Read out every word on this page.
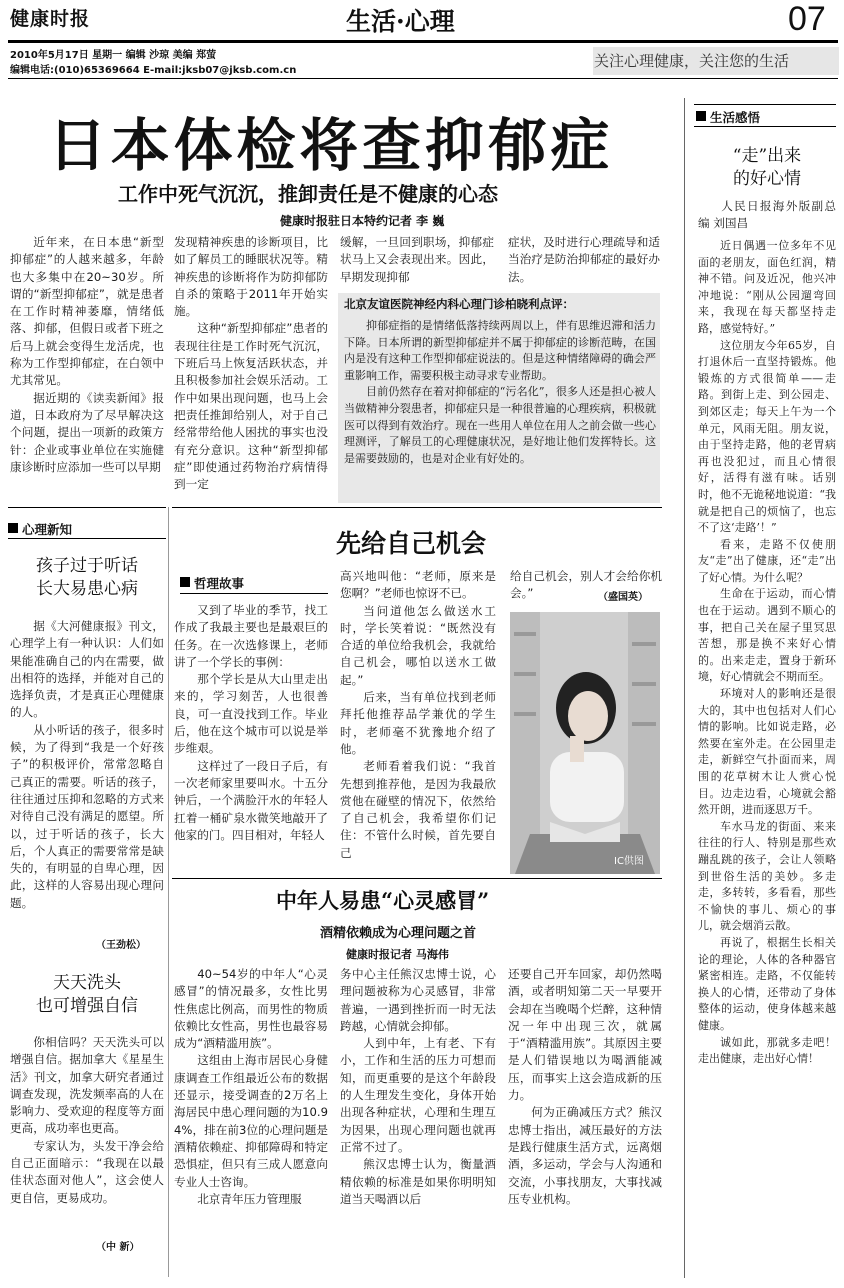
健康时报	生活·心理	07
2010年5月17日 星期一 编辑 沙琼 美编 郑萤
编辑电话:(010)65369664 E-mail:jksb07@jksb.com.cn
关注心理健康，关注您的生活
日本体检将查抑郁症
工作中死气沉沉，推卸责任是不健康的心态
健康时报驻日本特约记者 李 巍

近年来，在日本患“新型抑郁症”的人越来越多，年龄也大多集中在20~30岁。所谓的“新型抑郁症”，就是患者在工作时精神萎靡，情绪低落、抑郁，但假日或者下班之后马上就会变得生龙活虎，也称为工作型抑郁症，在白领中尤其常见。

据近期的《读卖新闻》报道，日本政府为了尽早解决这个问题，提出一项新的政策方针：企业或事业单位在实施健康诊断时应添加一些可以早期

发现精神疾患的诊断项目，比如了解员工的睡眠状况等。精神疾患的诊断将作为防抑郁防自杀的策略于2011年开始实施。

这种“新型抑郁症”患者的表现往往是工作时死气沉沉，下班后马上恢复活跃状态，并且积极参加社会娱乐活动。工作中如果出现问题，也马上会把责任推卸给别人，对于自己经常带给他人困扰的事实也没有充分意识。这种“新型抑郁症”即使通过药物治疗病情得到一定

缓解，一旦回到职场，抑郁症状马上又会表现出来。因此，早期发现抑郁

症状，及时进行心理疏导和适当治疗是防治抑郁症的最好办法。

北京友谊医院神经内科心理门诊柏晓利点评：

抑郁症指的是情绪低落持续两周以上，伴有思维迟滞和活力下降。日本所谓的新型抑郁症并不属于抑郁症的诊断范畴，在国内是没有这种工作型抑郁症说法的。但是这种情绪障碍的确会严重影响工作，需要积极主动寻求专业帮助。

目前仍然存在着对抑郁症的“污名化”，很多人还是担心被人当做精神分裂患者，抑郁症只是一种很普遍的心理疾病，积极就医可以得到有效治疗。现在一些用人单位在用人之前会做一些心理测评，了解员工的心理健康状况，是好地让他们发挥特长。这是需要鼓励的，也是对企业有好处的。

心理新知
孩子过于听话
长大易患心病

据《大河健康报》刊文，心理学上有一种认识：人们如果能准确自己的内在需要，做出相符的选择，并能对自己的选择负责，才是真正心理健康的人。

从小听话的孩子，很多时候，为了得到“我是一个好孩子”的积极评价，常常忽略自己真正的需要。听话的孩子，往往通过压抑和忽略的方式来对待自己没有满足的愿望。所以，过于听话的孩子，长大后，个人真正的需要常常是缺失的，有明显的自卑心理，因此，这样的人容易出现心理问题。

（王劲松）
天天洗头
也可增强自信

你相信吗？天天洗头可以增强自信。据加拿大《星星生活》刊文，加拿大研究者通过调查发现，洗发频率高的人在影响力、受欢迎的程度等方面更高，成功率也更高。

专家认为，头发干净会给自己正面暗示：“我现在以最佳状态面对他人”，这会使人更自信，更易成功。

（中 新）
先给自己机会
哲理故事

又到了毕业的季节，找工作成了我最主要也是最艰巨的任务。在一次选修课上，老师讲了一个学长的事例：

那个学长是从大山里走出来的，学习刻苦，人也很善良，可一直没找到工作。毕业后，他在这个城市可以说是举步维艰。

这样过了一段日子后，有一次老师家里要叫水。十五分钟后，一个满脸汗水的年轻人扛着一桶矿泉水微笑地敲开了他家的门。四目相对，年轻人

高兴地叫他：“老师，原来是您啊？”老师也惊讶不已。

当问道他怎么做送水工时，学长笑着说：“既然没有合适的单位给我机会，我就给自己机会，哪怕以送水工做起。”

后来，当有单位找到老师拜托他推荐品学兼优的学生时，老师毫不犹豫地介绍了他。

老师看着我们说：“我首先想到推荐他，是因为我最欣赏他在碰壁的情况下，依然给了自己机会，我希望你们记住：不管什么时候，首先要自己

给自己机会，别人才会给你机会。”	（盛国英）
IC供图
中年人易患“心灵感冒”
酒精依赖成为心理问题之首
健康时报记者 马海伟

40~54岁的中年人“心灵感冒”的情况最多，女性比男性焦虑比例高，而男性的物质依赖比女性高，男性也最容易成为“酒精滥用族”。

这组由上海市居民心身健康调查工作组最近公布的数据还显示，接受调查的2万名上海居民中患心理问题的为10.94%，排在前3位的心理问题是酒精依赖症、抑郁障碍和特定恐惧症，但只有三成人愿意向专业人士咨询。

北京青年压力管理服

务中心主任熊汉忠博士说，心理问题被称为心灵感冒，非常普遍，一遇到挫折而一时无法跨越，心情就会抑郁。

人到中年，上有老、下有小，工作和生活的压力可想而知，而更重要的是这个年龄段的人生理发生变化，身体开始出现各种症状，心理和生理互为因果，出现心理问题也就再正常不过了。

熊汉忠博士认为，衡量酒精依赖的标准是如果你明明知道当天喝酒以后

还要自己开车回家，却仍然喝酒，或者明知第二天一早要开会却在当晚喝个烂醉，这种情况一年中出现三次，就属于“酒精滥用族”。其原因主要是人们错误地以为喝酒能减压，而事实上这会造成新的压力。

何为正确减压方式？熊汉忠博士指出，减压最好的方法是践行健康生活方式，远离烟酒，多运动，学会与人沟通和交流，小事找朋友，大事找减压专业机构。

生活感悟
“走”出来
的好心情
人民日报海外版副总编 刘国昌

近日偶遇一位多年不见面的老朋友，面色红润，精神不错。问及近况，他兴冲冲地说：“刚从公园遛弯回来，我现在每天都坚持走路，感觉特好。”

这位朋友今年65岁，自打退休后一直坚持锻炼。他锻炼的方式很简单——走路。到街上走、到公园走、到郊区走；每天上午为一个单元，风雨无阻。朋友说，由于坚持走路，他的老胃病再也没犯过，而且心情很好，活得有滋有味。话别时，他不无诡秘地说道：“我就是把自己的烦恼了，也忘不了这‘走路’！”

看来，走路不仅使朋友“走”出了健康，还“走”出了好心情。为什么呢？

生命在于运动，而心情也在于运动。遇到不顺心的事，把自己关在屋子里冥思苦想，那是换不来好心情的。出来走走，置身于新环境，好心情就会不期而至。

环境对人的影响还是很大的，其中也包括对人们心情的影响。比如说走路，必然要在室外走。在公园里走走，新鲜空气扑面而来，周围的花草树木让人赏心悦目。边走边看，心境就会豁然开朗，进而逐思万千。

车水马龙的街面、来来往往的行人、特别是那些欢蹦乱跳的孩子，会让人领略到世俗生活的美妙。多走走，多转转，多看看，那些不愉快的事儿、烦心的事儿，就会烟消云散。

再说了，根据生长相关论的理论，人体的各种器官紧密相连。走路，不仅能转换人的心情，还带动了身体整体的运动，使身体越来越健康。

诚如此，那就多走吧！走出健康，走出好心情！
